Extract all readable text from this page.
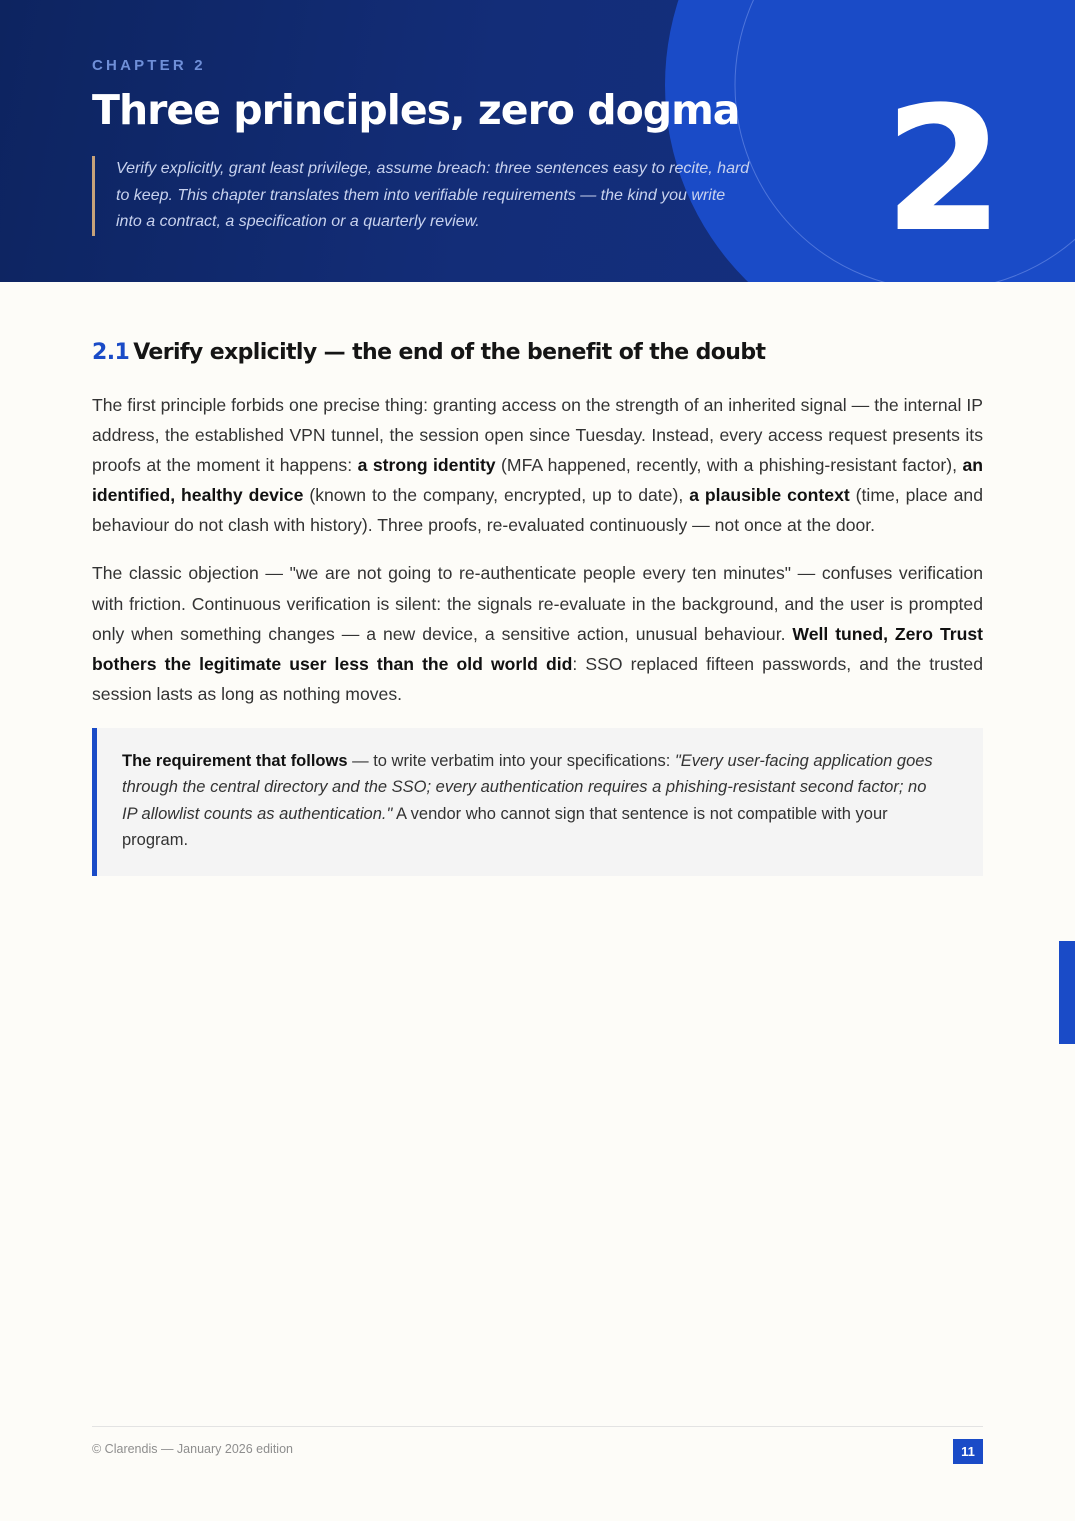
CHAPTER 2
Three principles, zero dogma

Verify explicitly, grant least privilege, assume breach: three sentences easy to recite, hard to keep. This chapter translates them into verifiable requirements — the kind you write into a contract, a specification or a quarterly review.	2
2.1 Verify explicitly — the end of the benefit of the doubt

The first principle forbids one precise thing: granting access on the strength of an inherited signal — the internal IP address, the established VPN tunnel, the session open since Tuesday. Instead, every access request presents its proofs at the moment it happens: a strong identity (MFA happened, recently, with a phishing-resistant factor), an identified, healthy device (known to the company, encrypted, up to date), a plausible context (time, place and behaviour do not clash with history). Three proofs, re-evaluated continuously — not once at the door.

The classic objection — "we are not going to re-authenticate people every ten minutes" — confuses verification with friction. Continuous verification is silent: the signals re-evaluate in the background, and the user is prompted only when something changes — a new device, a sensitive action, unusual behaviour. Well tuned, Zero Trust bothers the legitimate user less than the old world did: SSO replaced fifteen passwords, and the trusted session lasts as long as nothing moves.

The requirement that follows — to write verbatim into your specifications: "Every user-facing application goes through the central directory and the SSO; every authentication requires a phishing-resistant second factor; no IP allowlist counts as authentication." A vendor who cannot sign that sentence is not compatible with your program.
© Clarendis — January 2026 edition	11
